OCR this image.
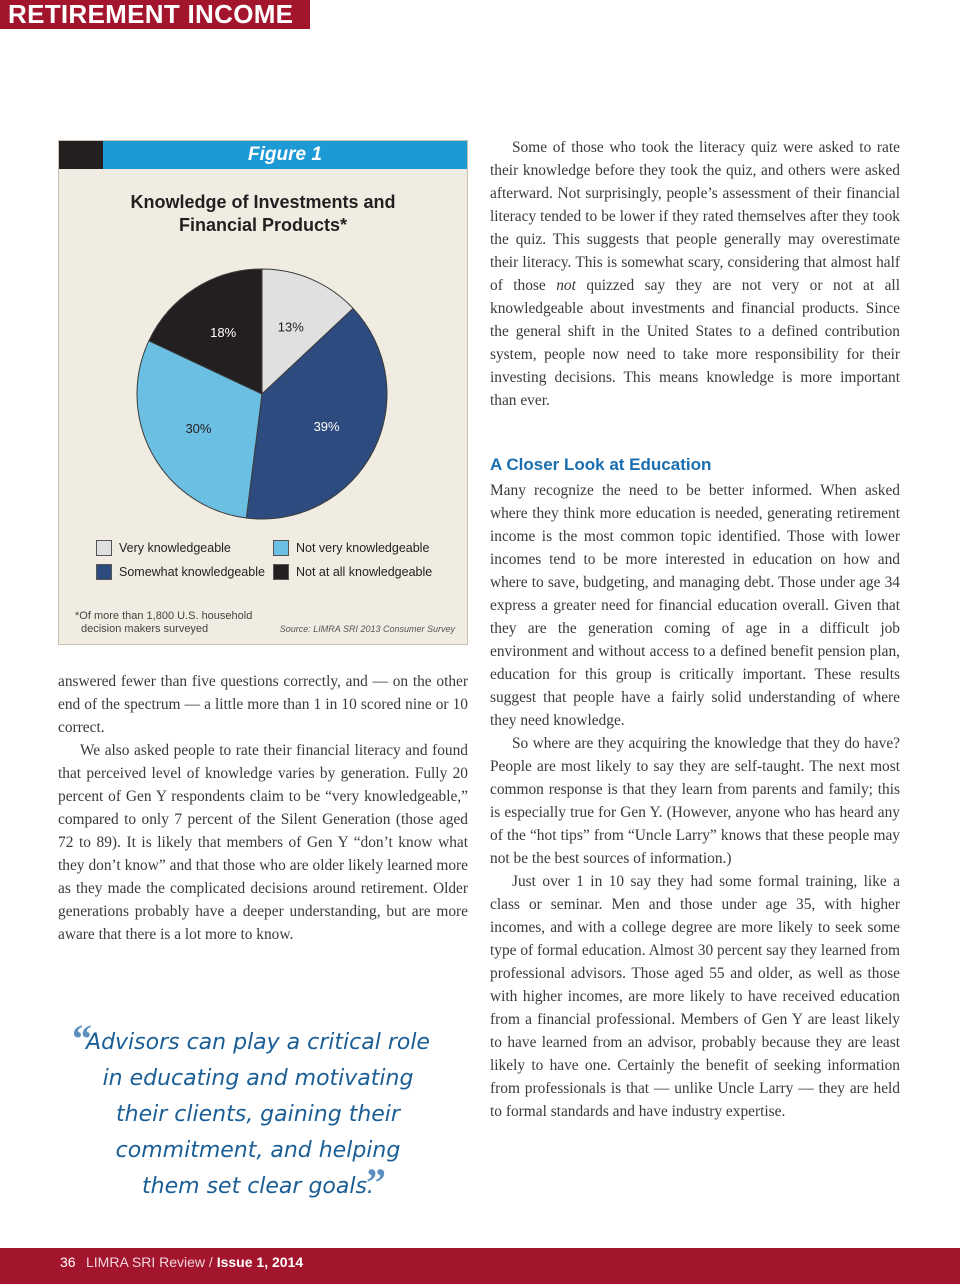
RETIREMENT INCOME
Figure 1
Knowledge of Investments and
Financial Products*
13%
39%
30%
18%
Very knowledgeable	Not very knowledgeable
Somewhat knowledgeable	Not at all knowledgeable
*Of more than 1,800 U.S. household
decision makers surveyed	Source: LIMRA SRI 2013 Consumer Survey

answered fewer than five questions correctly, and — on the other end of the spectrum — a little more than 1 in 10 scored nine or 10 correct.

We also asked people to rate their financial literacy and found that perceived level of knowledge varies by generation. Fully 20 percent of Gen Y respondents claim to be “very knowledgeable,” compared to only 7 percent of the Silent Generation (those aged 72 to 89). It is likely that members of Gen Y “don’t know what they don’t know” and that those who are older likely learned more as they made the complicated decisions around retirement. Older generations probably have a deeper understanding, but are more aware that there is a lot more to know.

“
Advisors can play a critical role
in educating and motivating
their clients, gaining their
commitment, and helping
them set clear goals.
”

Some of those who took the literacy quiz were asked to rate their knowledge before they took the quiz, and others were asked afterward. Not surprisingly, people’s assessment of their financial literacy tended to be lower if they rated themselves after they took the quiz. This suggests that people generally may overestimate their literacy. This is somewhat scary, considering that almost half of those not quizzed say they are not very or not at all knowledgeable about investments and financial products. Since the general shift in the United States to a defined contribution system, people now need to take more responsibility for their investing decisions. This means knowledge is more important than ever.

A Closer Look at Education

Many recognize the need to be better informed. When asked where they think more education is needed, generating retirement income is the most common topic identified. Those with lower incomes tend to be more interested in education on how and where to save, budgeting, and managing debt. Those under age 34 express a greater need for financial education overall. Given that they are the generation coming of age in a difficult job environment and without access to a defined benefit pension plan, education for this group is critically important. These results suggest that people have a fairly solid understanding of where they need knowledge.

So where are they acquiring the knowledge that they do have? People are most likely to say they are self-taught. The next most common response is that they learn from parents and family; this is especially true for Gen Y. (However, anyone who has heard any of the “hot tips” from “Uncle Larry” knows that these people may not be the best sources of information.)

Just over 1 in 10 say they had some formal training, like a class or seminar. Men and those under age 35, with higher incomes, and with a college degree are more likely to seek some type of formal education. Almost 30 percent say they learned from professional advisors. Those aged 55 and older, as well as those with higher incomes, are more likely to have received education from a financial professional. Members of Gen Y are least likely to have learned from an advisor, probably because they are least likely to have one. Certainly the benefit of seeking information from professionals is that — unlike Uncle Larry — they are held to formal standards and have industry expertise.

36 LIMRA SRI Review / Issue 1, 2014
